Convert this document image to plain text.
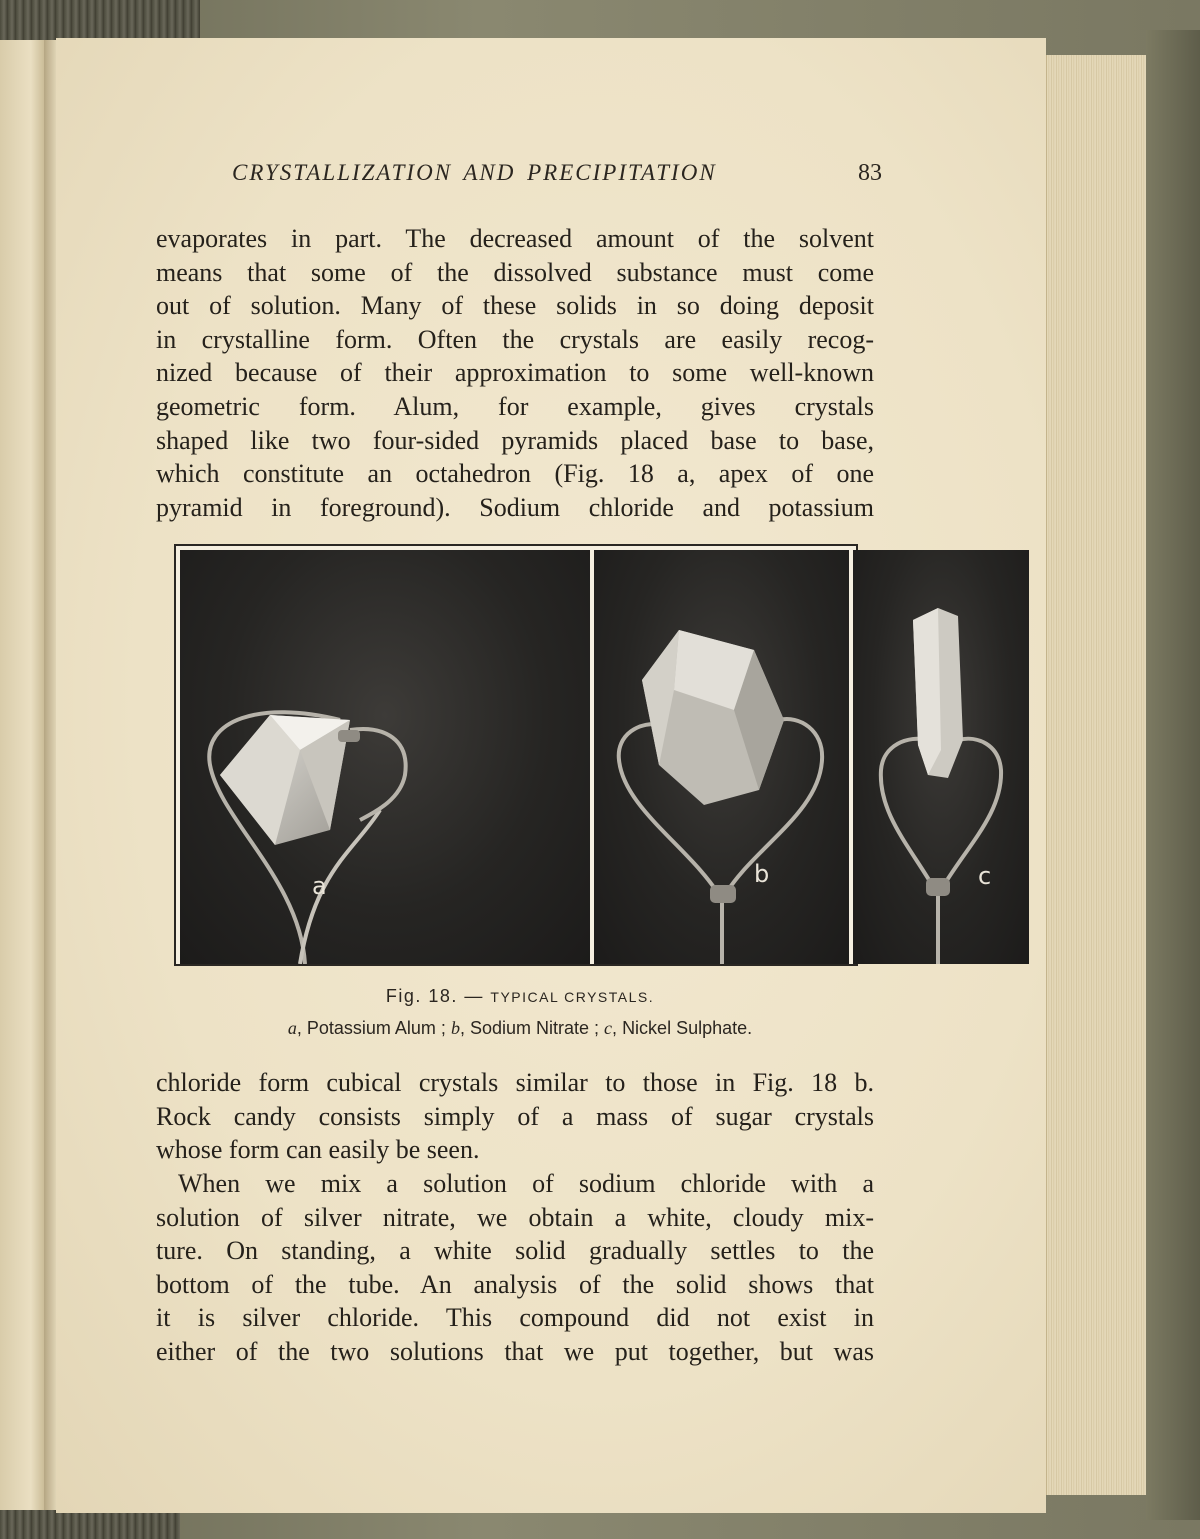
CRYSTALLIZATION AND PRECIPITATION	83
evaporates in part. The decreased amount of the solvent
means that some of the dissolved substance must come
out of solution. Many of these solids in so doing deposit
in crystalline form. Often the crystals are easily recog-
nized because of their approximation to some well-known
geometric form. Alum, for example, gives crystals
shaped like two four-sided pyramids placed base to base,
which constitute an octahedron (Fig. 18 a, apex of one
pyramid in foreground). Sodium chloride and potassium
a	b	c
Fig. 18. — TYPICAL CRYSTALS.
a, Potassium Alum ; b, Sodium Nitrate ; c, Nickel Sulphate.
chloride form cubical crystals similar to those in Fig. 18 b.
Rock candy consists simply of a mass of sugar crystals
whose form can easily be seen.
When we mix a solution of sodium chloride with a
solution of silver nitrate, we obtain a white, cloudy mix-
ture. On standing, a white solid gradually settles to the
bottom of the tube. An analysis of the solid shows that
it is silver chloride. This compound did not exist in
either of the two solutions that we put together, but was
